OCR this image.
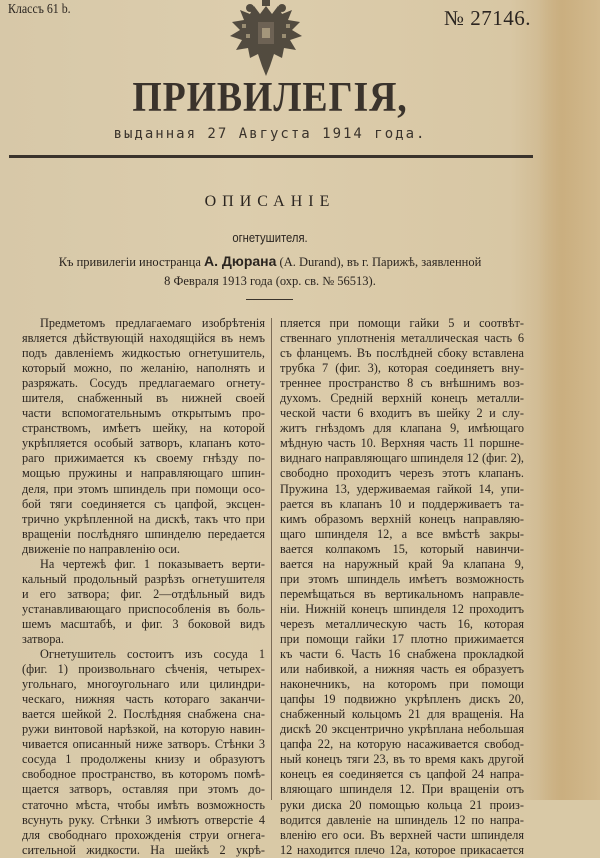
Классъ 61 b.	№ 27146.
ПРИВИЛЕГІЯ,
выданная 27 Августа 1914 года.
ОПИСАНІЕ
огнетушителя.
Къ привилегіи иностранца А. Дюрана (A. Durand), въ г. Парижѣ, заявленной
8 Февраля 1913 года (охр. св. № 56513).
Предметомъ предлагаемаго изобрѣтенія
является дѣйствующій находящійся въ немъ
подъ давленіемъ жидкостью огнетушитель,
который можно, по желанію, наполнять и
разряжать. Сосудъ предлагаемаго огнету-
шителя, снабженный въ нижней своей
части вспомогательнымъ открытымъ про-
странствомъ, имѣетъ шейку, на которой
укрѣпляется особый затворъ, клапанъ кото-
раго прижимается къ своему гнѣзду по-
мощью пружины и направляющаго шпин-
деля, при этомъ шпиндель при помощи осо-
бой тяги соединяется съ цапфой, эксцен-
трично укрѣпленной на дискѣ, такъ что при
вращеніи послѣдняго шпинделю передается
движеніе по направленію оси.
На чертежѣ фиг. 1 показываетъ верти-
кальный продольный разрѣзъ огнетушителя
и его затвора; фиг. 2—отдѣльный видъ
устанавливающаго приспособленія въ боль-
шемъ масштабѣ, и фиг. 3 боковой видъ
затвора.
Огнетушитель состоитъ изъ сосуда 1
(фиг. 1) произвольнаго сѣченія, четырех-
угольнаго, многоугольнаго или цилиндри-
ческаго, нижняя часть котораго заканчи-
вается шейкой 2. Послѣдняя снабжена сна-
ружи винтовой нарѣзкой, на которую навин-
чивается описанный ниже затворъ. Стѣнки 3
сосуда 1 продолжены книзу и образуютъ
свободное пространство, въ которомъ помѣ-
щается затворъ, оставляя при этомъ до-
статочно мѣста, чтобы имѣть возможность
всунуть руку. Стѣнки 3 имѣютъ отверстіе 4
для свободнаго прохожденія струи огнега-
сительной жидкости. На шейкѣ 2 укрѣ-
пляется при помощи гайки 5 и соотвѣт-
ственнаго уплотненія металлическая часть 6
съ фланцемъ. Въ послѣдней сбоку вставлена
трубка 7 (фиг. 3), которая соединяетъ вну-
треннее пространство 8 съ внѣшнимъ воз-
духомъ. Средній верхній конецъ металли-
ческой части 6 входитъ въ шейку 2 и слу-
житъ гнѣздомъ для клапана 9, имѣющаго
мѣдную часть 10. Верхняя часть 11 поршне-
виднаго направляющаго шпинделя 12 (фиг. 2),
свободно проходитъ черезъ этотъ клапанъ.
Пружина 13, удерживаемая гайкой 14, упи-
рается въ клапанъ 10 и поддерживаетъ та-
кимъ образомъ верхній конецъ направляю-
щаго шпинделя 12, а все вмѣстѣ закры-
вается колпакомъ 15, который навинчи-
вается на наружный край 9a клапана 9,
при этомъ шпиндель имѣетъ возможность
перемѣщаться въ вертикальномъ направле-
ніи. Нижній конецъ шпинделя 12 проходитъ
черезъ металлическую часть 16, которая
при помощи гайки 17 плотно прижимается
къ части 6. Часть 16 снабжена прокладкой
или набивкой, а нижняя часть ея образуетъ
наконечникъ, на которомъ при помощи
цапфы 19 подвижно укрѣпленъ дискъ 20,
снабженный кольцомъ 21 для вращенія. На
дискѣ 20 эксцентрично укрѣплана небольшая
цапфа 22, на которую насаживается свобод-
ный конецъ тяги 23, въ то время какъ другой
конецъ ея соединяется съ цапфой 24 напра-
вляющаго шпинделя 12. При вращеніи отъ
руки диска 20 помощью кольца 21 произ-
водится давленіе на шпиндель 12 по напра-
вленію его оси. Въ верхней части шпинделя
12 находится плечо 12a, которое прикасается
